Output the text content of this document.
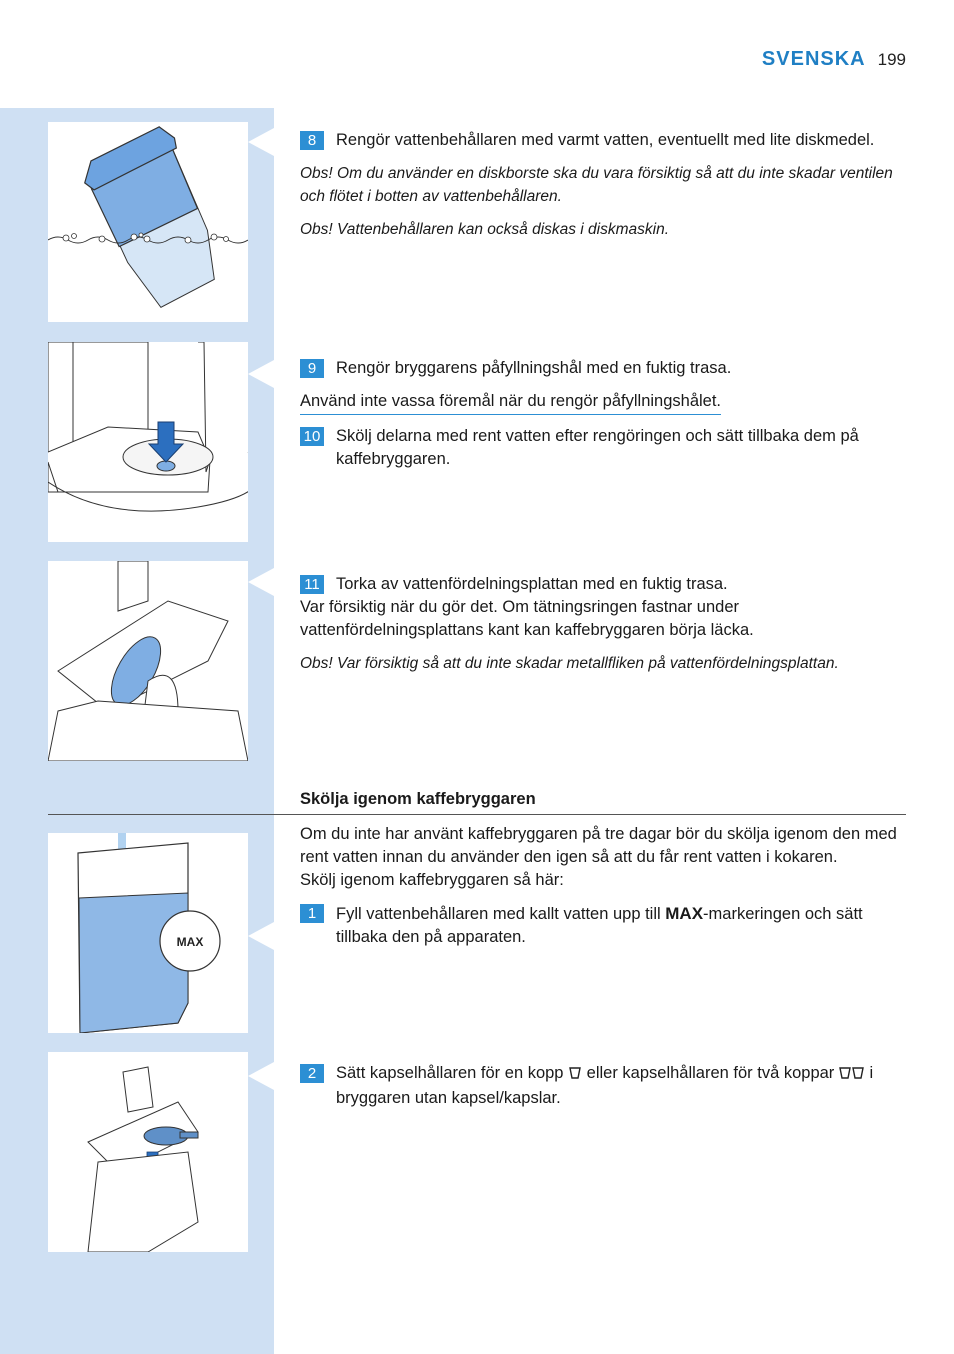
SVENSKA 199
MAX
8	Rengör vattenbehållaren med varmt vatten, eventuellt med lite diskmedel.
Obs! Om du använder en diskborste ska du vara försiktig så att du inte skadar ventilen och flötet i botten av vattenbehållaren.
Obs! Vattenbehållaren kan också diskas i diskmaskin.
9	Rengör bryggarens påfyllningshål med en fuktig trasa.
Använd inte vassa föremål när du rengör påfyllningshålet.
10 Skölj delarna med rent vatten efter rengöringen och sätt tillbaka dem på kaffebryggaren.
11 Torka av vattenfördelningsplattan med en fuktig trasa.
Var försiktig när du gör det. Om tätningsringen fastnar under vattenfördelningsplattans kant kan kaffebryggaren börja läcka.
Obs! Var försiktig så att du inte skadar metallfliken på vattenfördelningsplattan.
Skölja igenom kaffebryggaren
Om du inte har använt kaffebryggaren på tre dagar bör du skölja igenom den med rent vatten innan du använder den igen så att du får rent vatten i kokaren.
Skölj igenom kaffebryggaren så här:
1	Fyll vattenbehållaren med kallt vatten upp till MAX-markeringen och sätt tillbaka den på apparaten.
2	Sätt kapselhållaren för en kopp  eller kapselhållaren för två koppar  i bryggaren utan kapsel/kapslar.
